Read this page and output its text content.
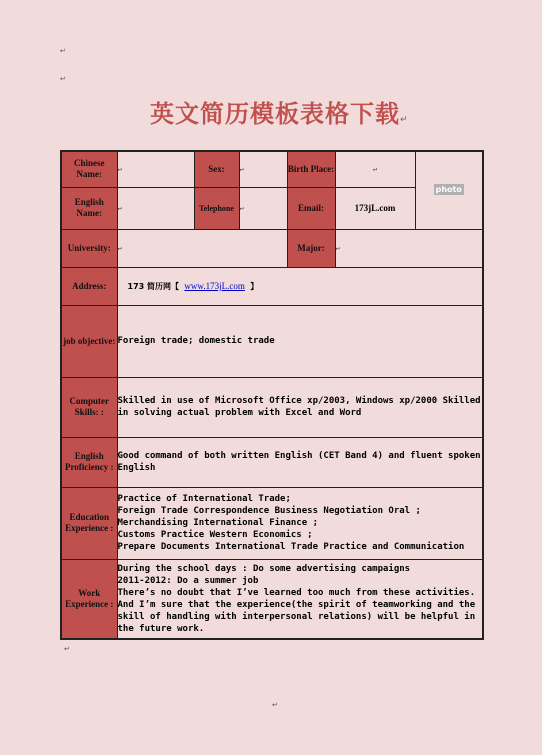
↵
↵
英文简历模板表格下载↵
Chinese Name:	↵	Sex:	↵	Birth Place:	↵	photo
English Name:	↵	Telephone	↵	Email:	173jL.com	
University:	↵			Major:	↵	
Address:	173 简历网【 www.173jL.com 】					
job objective:	Foreign trade; domestic trade					
Computer Skills: :	Skilled in use of Microsoft Office xp/2003, Windows xp/2000 Skilled in solving actual problem with Excel and Word					
English Proficiency :	Good command of both written English (CET Band 4) and fluent spoken English					
Education Experience :	Practice of International Trade;
Foreign Trade Correspondence Business Negotiation Oral ;
Merchandising International Finance ;
Customs Practice Western Economics ;
Prepare Documents International Trade Practice and Communication					

Work Experience :	During the school days : Do some advertising campaigns
2011-2012: Do a summer job
There’s no doubt that I’ve learned too much from these activities. And I’m sure that the experience(the spirit of teamworking and the skill of handling with interpersonal relations) will be helpful in the future work.					
↵
↵
